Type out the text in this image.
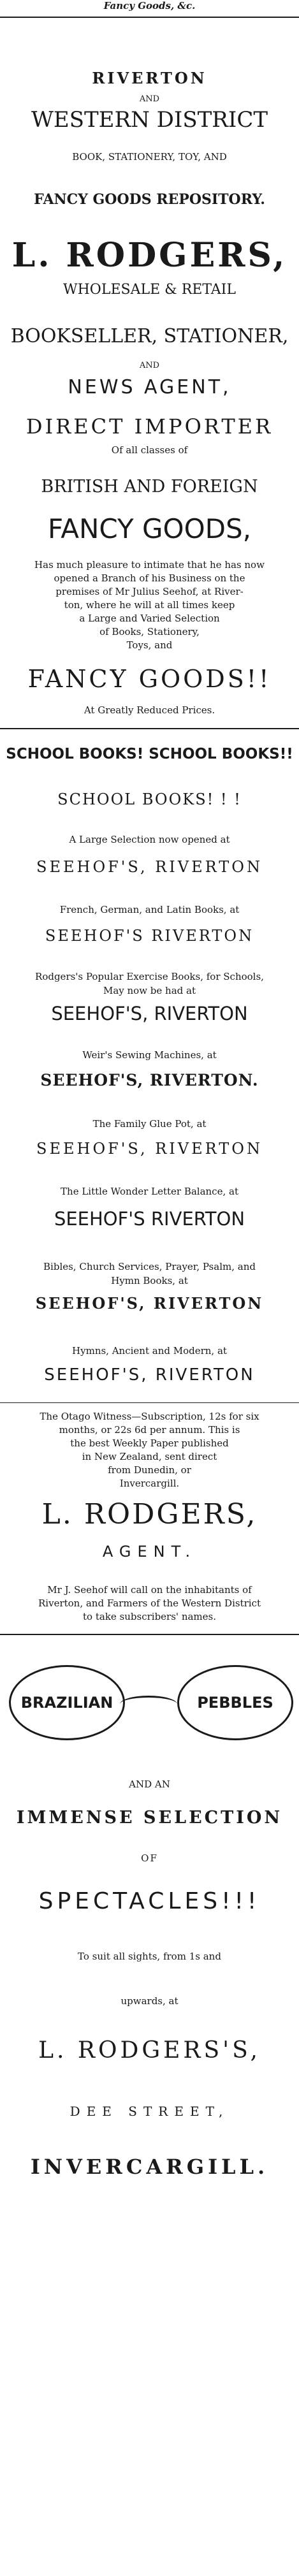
Fancy Goods, &c.
RIVERTON
AND
WESTERN DISTRICT
BOOK, STATIONERY, TOY, AND
FANCY GOODS REPOSITORY.
L. RODGERS,
WHOLESALE & RETAIL
BOOKSELLER, STATIONER,
AND
NEWS AGENT,
DIRECT IMPORTER
Of all classes of
BRITISH AND FOREIGN
FANCY GOODS,
Has much pleasure to intimate that he has now
opened a Branch of his Business on the
premises of Mr Julius Seehof, at River-
ton, where he will at all times keep
a Large and Varied Selection
of Books, Stationery,
Toys, and
FANCY GOODS!!
At Greatly Reduced Prices.
SCHOOL BOOKS! SCHOOL BOOKS!!
SCHOOL BOOKS! ! !
A Large Selection now opened at
SEEHOF'S, RIVERTON
French, German, and Latin Books, at
SEEHOF'S RIVERTON
Rodgers's Popular Exercise Books, for Schools,
May now be had at
SEEHOF'S, RIVERTON
Weir's Sewing Machines, at
SEEHOF'S, RIVERTON.
The Family Glue Pot, at
SEEHOF'S, RIVERTON
The Little Wonder Letter Balance, at
SEEHOF'S RIVERTON
Bibles, Church Services, Prayer, Psalm, and
Hymn Books, at
SEEHOF'S, RIVERTON
Hymns, Ancient and Modern, at
SEEHOF'S, RIVERTON
The Otago Witness—Subscription, 12s for six
months, or 22s 6d per annum. This is
the best Weekly Paper published
in New Zealand, sent direct
from Dunedin, or
Invercargill.
L. RODGERS,
AGENT.
Mr J. Seehof will call on the inhabitants of
Riverton, and Farmers of the Western District
to take subscribers' names.
BRAZILIAN	PEBBLES
AND AN
IMMENSE SELECTION
OF
SPECTACLES!!!
To suit all sights, from 1s and
upwards, at
L. RODGERS'S,
DEE STREET,
INVERCARGILL.
